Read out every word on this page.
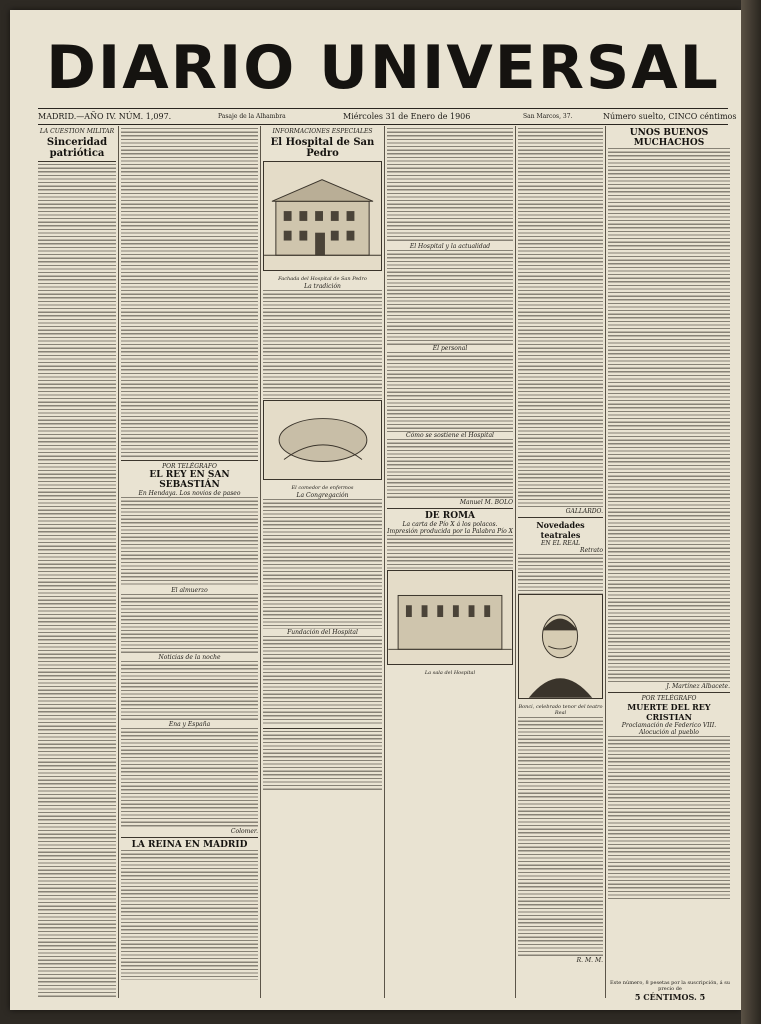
DIARIO UNIVERSAL
MADRID.—AÑO IV. NÚM. 1,097.	Pasaje de la Alhambra	Miércoles 31 de Enero de 1906	San Marcos, 37.	Número suelto, CINCO céntimos

LA CUESTIÓN MILITAR

Sinceridad patriótica

POR TELÉGRAFO

EL REY EN SAN SEBASTIÁN

En Hendaya. Los novios de paseo

El almuerzo

Noticias de la noche

Ena y España

Colomer.

LA REINA EN MADRID

INFORMACIONES ESPECIALES

El Hospital de San Pedro

Fachada del Hospital de San Pedro

La tradición

El comedor de enfermos

La Congregación

Fundación del Hospital

El Hospital y la actualidad

El personal

Cómo se sostiene el Hospital

Manuel M. BOLO

DE ROMA

La carta de Pío X á los polacos. Impresión producida por la Palabra Pío X

La sala del Hospital

GALLARDO.

Novedades teatrales

EN EL REAL

Retrato

Bonci, celebrado tenor del teatro Real

R. M. M.

UNOS BUENOS MUCHACHOS

J. Martínez Albacete.

POR TELÉGRAFO

MUERTE DEL REY CRISTIAN

Proclamación de Federico VIII. Alocución al pueblo

Este número, 8 pesetas por la suscripción, á su precio de
5 CÉNTIMOS. 5
